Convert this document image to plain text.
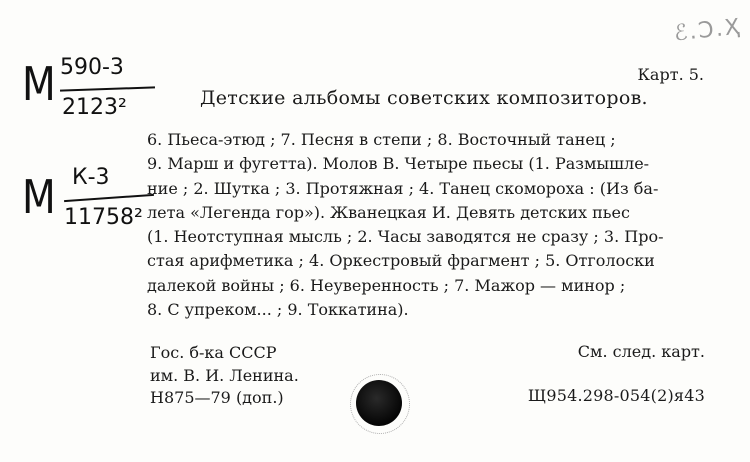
ℰ.Ͻ.Ҳ
М 590-3
2123²
М К-3
11758²
Карт. 5.
Детские альбомы советских композиторов.
6. Пьеса-этюд ; 7. Песня в степи ; 8. Восточный танец ;
9. Марш и фугетта). Молов В. Четыре пьесы (1. Размышле-
ние ; 2. Шутка ; 3. Протяжная ; 4. Танец скомороха : (Из ба-
лета «Легенда гор»). Жванецкая И. Девять детских пьес
(1. Неотступная мысль ; 2. Часы заводятся не сразу ; 3. Про-
стая арифметика ; 4. Оркестровый фрагмент ; 5. Отголоски
далекой войны ; 6. Неуверенность ; 7. Мажор — минор ;
8. С упреком... ; 9. Токкатина).
Гос. б-ка СССР
им. В. И. Ленина.
Н875—79 (доп.)
См. след. карт.
Щ954.298-054(2)я43
